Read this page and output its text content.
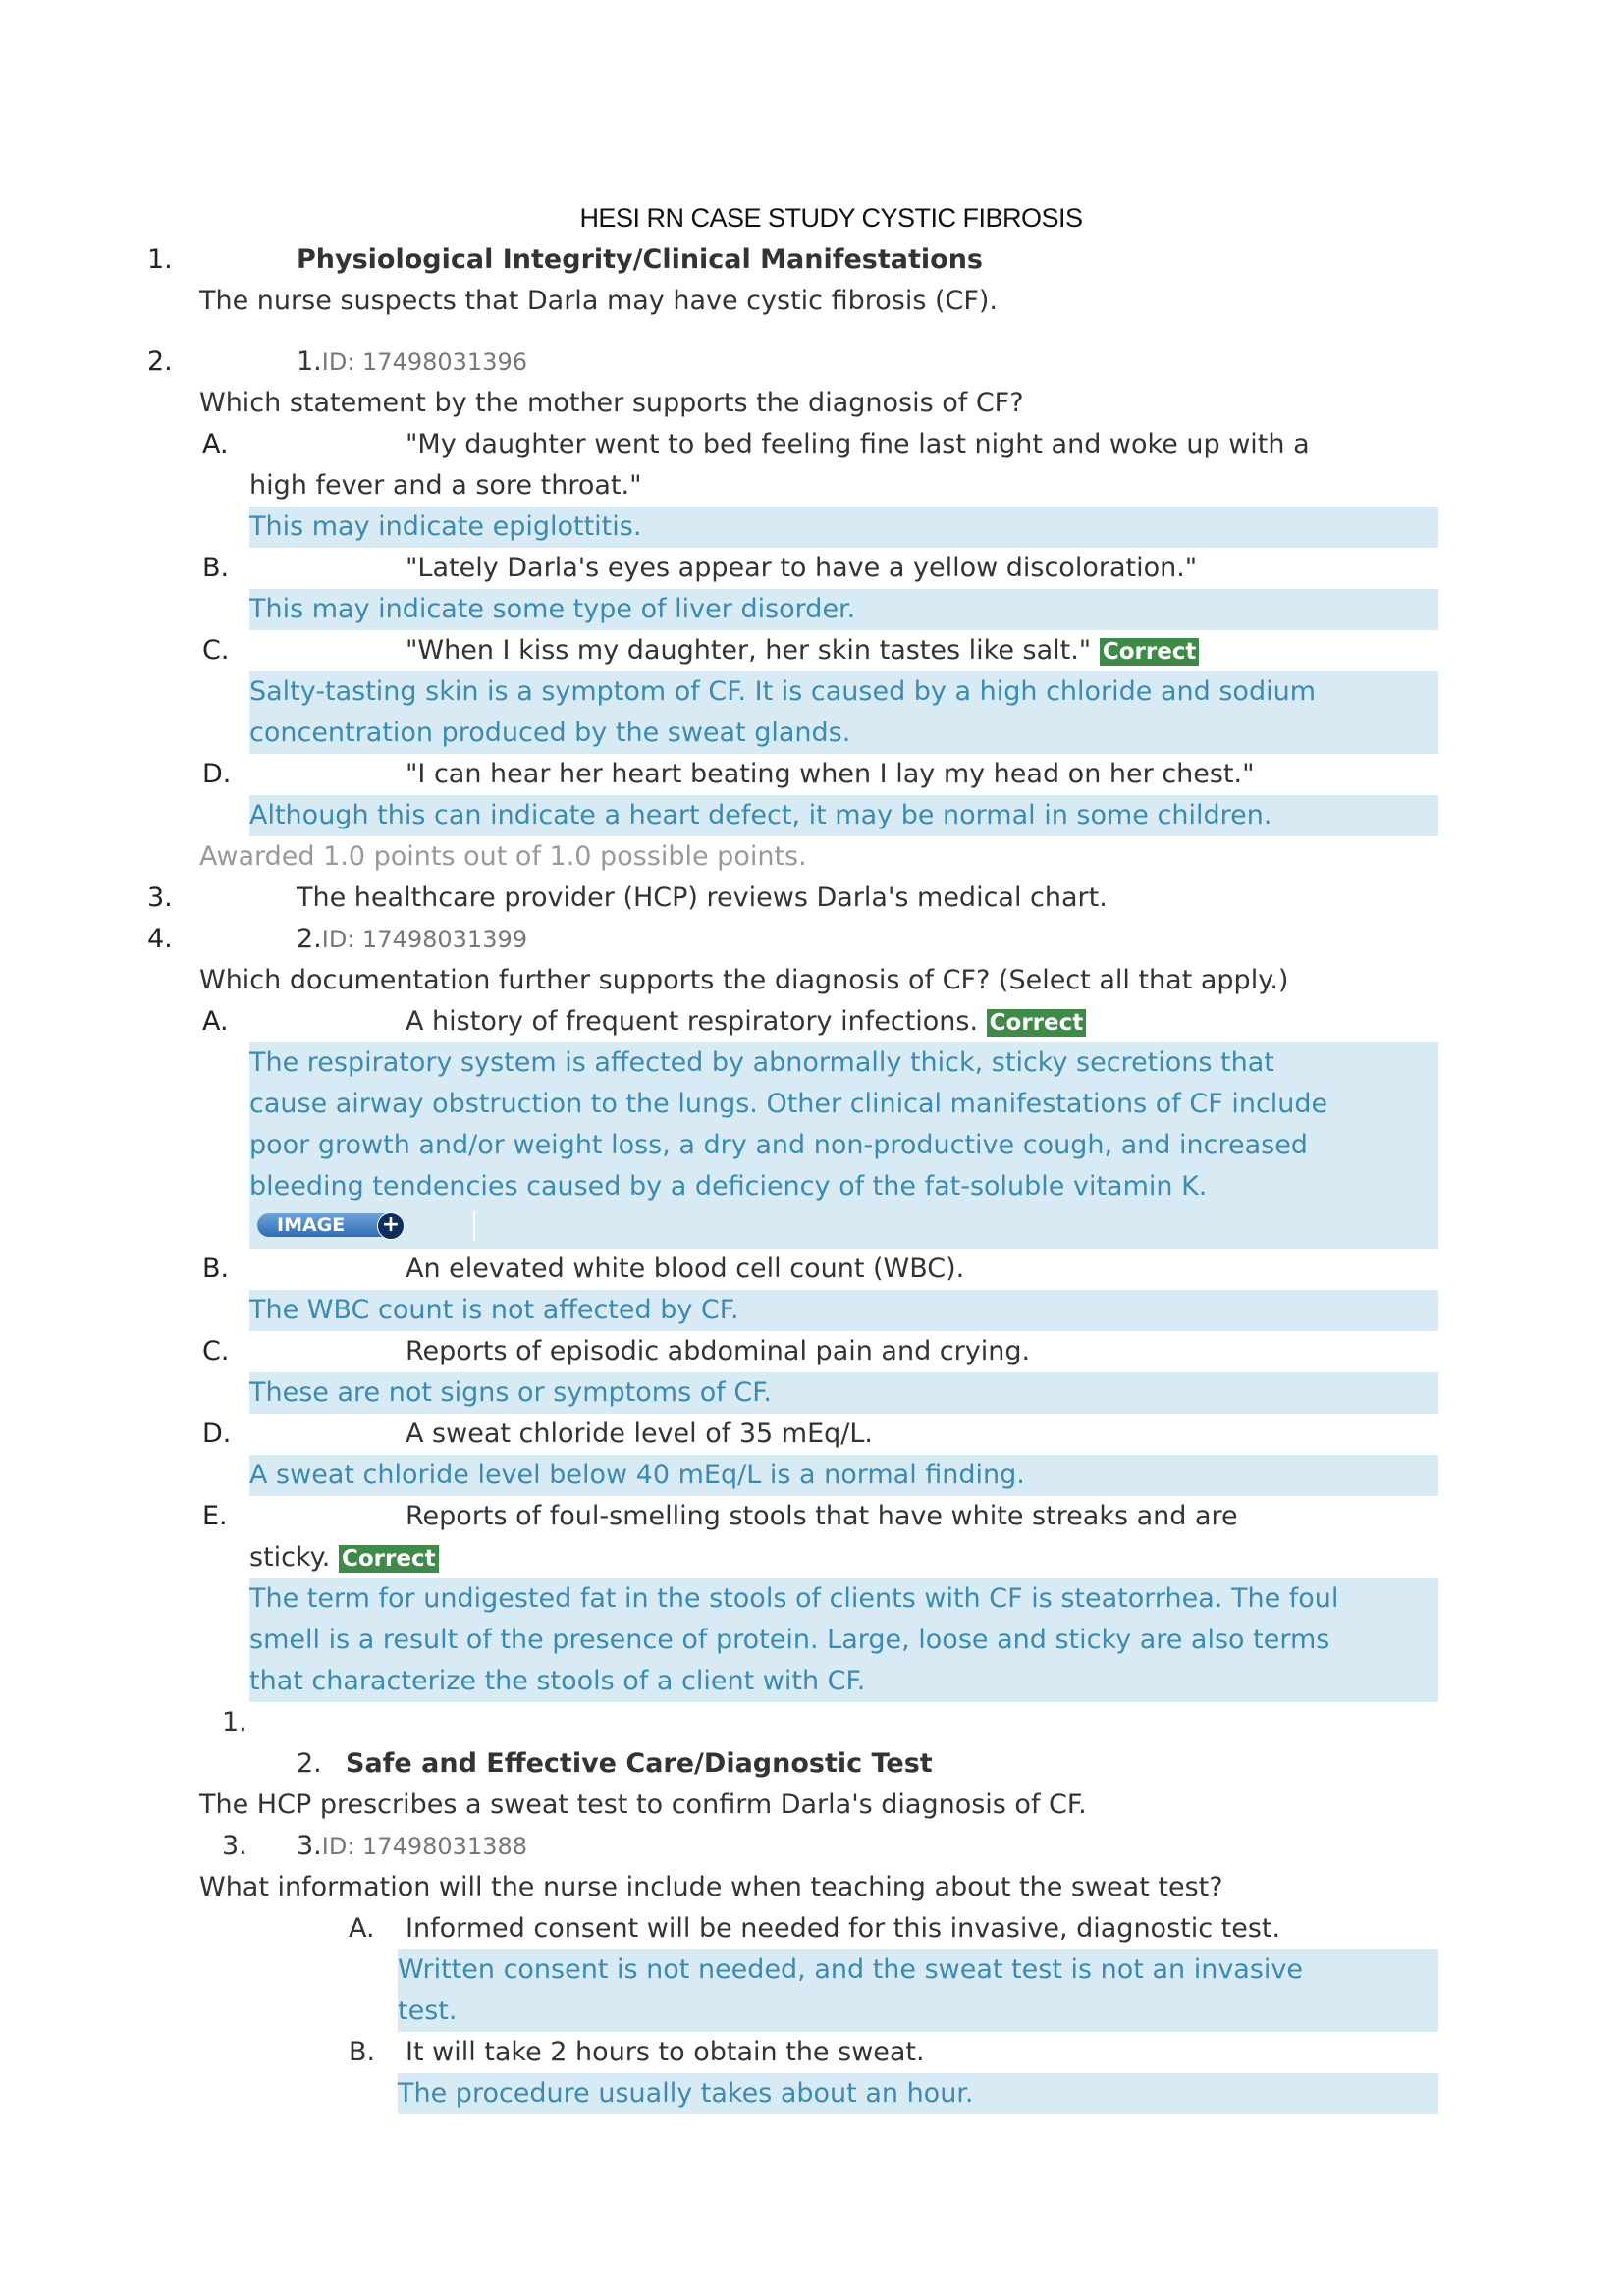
HESI RN CASE STUDY CYSTIC FIBROSIS
1.	Physiological Integrity/Clinical Manifestations
The nurse suspects that Darla may have cystic fibrosis (CF).
2.	1.ID: 17498031396
Which statement by the mother supports the diagnosis of CF?
A.	"My daughter went to bed feeling fine last night and woke up with a
high fever and a sore throat."
This may indicate epiglottitis.
B.	"Lately Darla's eyes appear to have a yellow discoloration."
This may indicate some type of liver disorder.
C.	"When I kiss my daughter, her skin tastes like salt." Correct
Salty-tasting skin is a symptom of CF. It is caused by a high chloride and sodium
concentration produced by the sweat glands.
D.	"I can hear her heart beating when I lay my head on her chest."
Although this can indicate a heart defect, it may be normal in some children.
Awarded 1.0 points out of 1.0 possible points.
3.	The healthcare provider (HCP) reviews Darla's medical chart.
4.	2.ID: 17498031399
Which documentation further supports the diagnosis of CF? (Select all that apply.)
A.	A history of frequent respiratory infections. Correct
The respiratory system is affected by abnormally thick, sticky secretions that
cause airway obstruction to the lungs. Other clinical manifestations of CF include
poor growth and/or weight loss, a dry and non-productive cough, and increased
bleeding tendencies caused by a deficiency of the fat-soluble vitamin K.
IMAGE +
B.	An elevated white blood cell count (WBC).
The WBC count is not affected by CF.
C.	Reports of episodic abdominal pain and crying.
These are not signs or symptoms of CF.
D.	A sweat chloride level of 35 mEq/L.
A sweat chloride level below 40 mEq/L is a normal finding.
E.	Reports of foul-smelling stools that have white streaks and are
sticky. Correct
The term for undigested fat in the stools of clients with CF is steatorrhea. The foul
smell is a result of the presence of protein. Large, loose and sticky are also terms
that characterize the stools of a client with CF.
1.
2. Safe and Effective Care/Diagnostic Test
The HCP prescribes a sweat test to confirm Darla's diagnosis of CF.
3. 3.ID: 17498031388
What information will the nurse include when teaching about the sweat test?
A. Informed consent will be needed for this invasive, diagnostic test.
Written consent is not needed, and the sweat test is not an invasive
test.
B. It will take 2 hours to obtain the sweat.
The procedure usually takes about an hour.
